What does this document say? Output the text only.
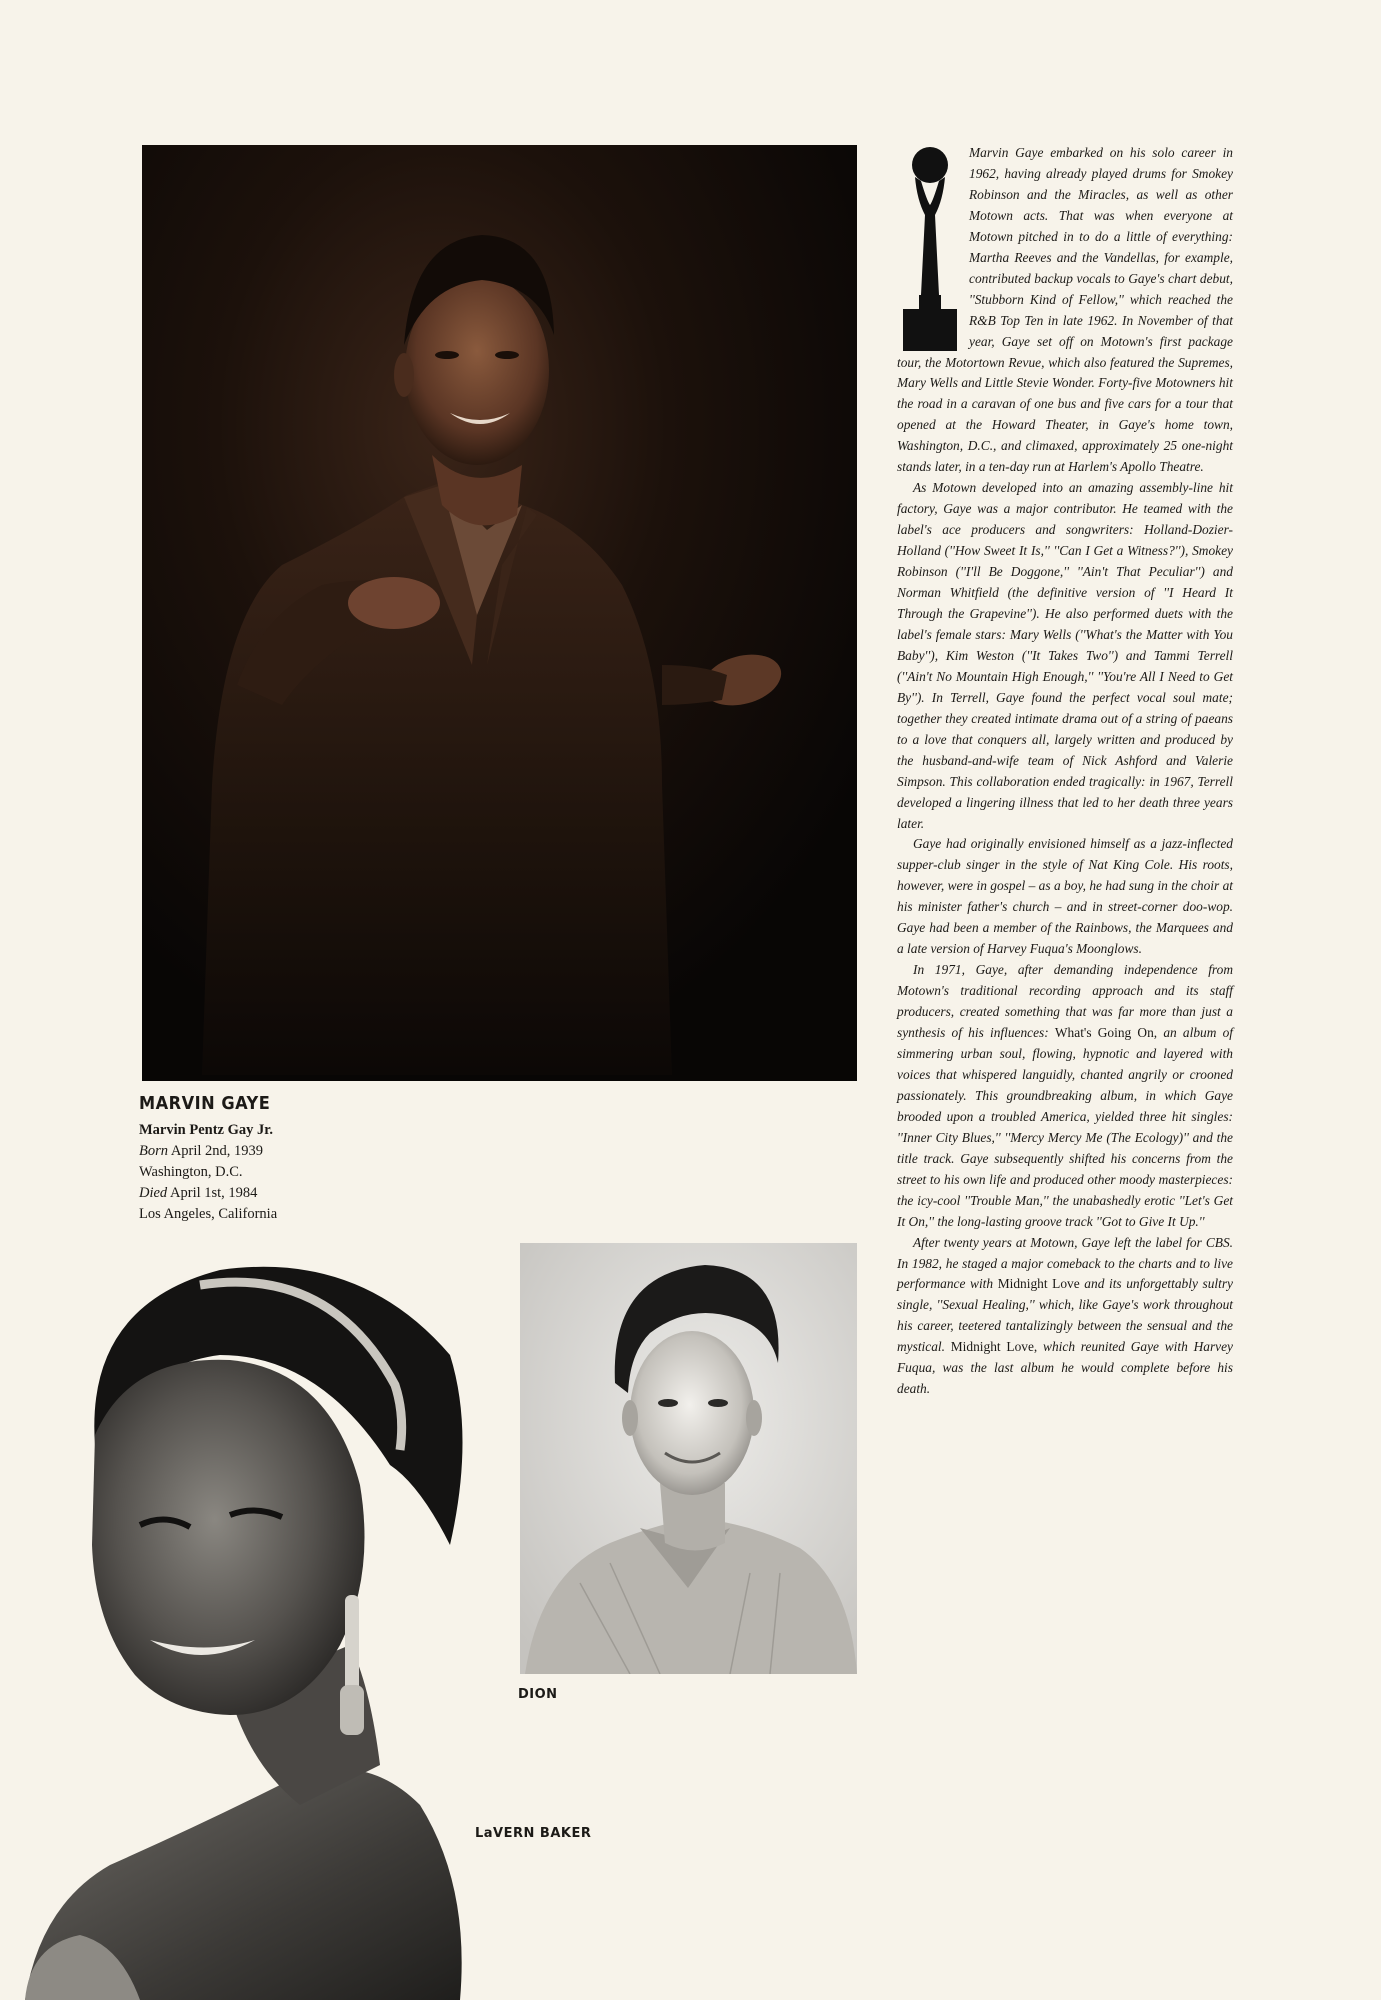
MARVIN GAYE
Marvin Pentz Gay Jr.
Born April 2nd, 1939
Washington, D.C.
Died April 1st, 1984
Los Angeles, California
LaVERN BAKER
DION

Marvin Gaye embarked on his solo career in 1962, having already played drums for Smokey Robinson and the Miracles, as well as other Motown acts. That was when everyone at Motown pitched in to do a little of everything: Martha Reeves and the Vandellas, for example, contributed backup vocals to Gaye's chart debut, ''Stubborn Kind of Fellow,'' which reached the R&B Top Ten in late 1962. In November of that year, Gaye set off on Motown's first package tour, the Motortown Revue, which also featured the Supremes, Mary Wells and Little Stevie Wonder. Forty-five Motowners hit the road in a caravan of one bus and five cars for a tour that opened at the Howard Theater, in Gaye's home town, Washington, D.C., and climaxed, approximately 25 one-night stands later, in a ten-day run at Harlem's Apollo Theatre.

As Motown developed into an amazing assembly-line hit factory, Gaye was a major contributor. He teamed with the label's ace producers and songwriters: Holland-Dozier-Holland (''How Sweet It Is,'' ''Can I Get a Witness?''), Smokey Robinson (''I'll Be Doggone,'' ''Ain't That Peculiar'') and Norman Whitfield (the definitive version of ''I Heard It Through the Grapevine''). He also performed duets with the label's female stars: Mary Wells (''What's the Matter with You Baby''), Kim Weston (''It Takes Two'') and Tammi Terrell (''Ain't No Mountain High Enough,'' ''You're All I Need to Get By''). In Terrell, Gaye found the perfect vocal soul mate; together they created intimate drama out of a string of paeans to a love that conquers all, largely written and produced by the husband-and-wife team of Nick Ashford and Valerie Simpson. This collaboration ended tragically: in 1967, Terrell developed a lingering illness that led to her death three years later.

Gaye had originally envisioned himself as a jazz-inflected supper-club singer in the style of Nat King Cole. His roots, however, were in gospel – as a boy, he had sung in the choir at his minister father's church – and in street-corner doo-wop. Gaye had been a member of the Rainbows, the Marquees and a late version of Harvey Fuqua's Moonglows.

In 1971, Gaye, after demanding independence from Motown's traditional recording approach and its staff producers, created something that was far more than just a synthesis of his influences: What's Going On, an album of simmering urban soul, flowing, hypnotic and layered with voices that whispered languidly, chanted angrily or crooned passionately. This groundbreaking album, in which Gaye brooded upon a troubled America, yielded three hit singles: ''Inner City Blues,'' ''Mercy Mercy Me (The Ecology)'' and the title track. Gaye subsequently shifted his concerns from the street to his own life and produced other moody masterpieces: the icy-cool ''Trouble Man,'' the unabashedly erotic ''Let's Get It On,'' the long-lasting groove track ''Got to Give It Up.''

After twenty years at Motown, Gaye left the label for CBS. In 1982, he staged a major comeback to the charts and to live performance with Midnight Love and its unforgettably sultry single, ''Sexual Healing,'' which, like Gaye's work throughout his career, teetered tantalizingly between the sensual and the mystical. Midnight Love, which reunited Gaye with Harvey Fuqua, was the last album he would complete before his death.
